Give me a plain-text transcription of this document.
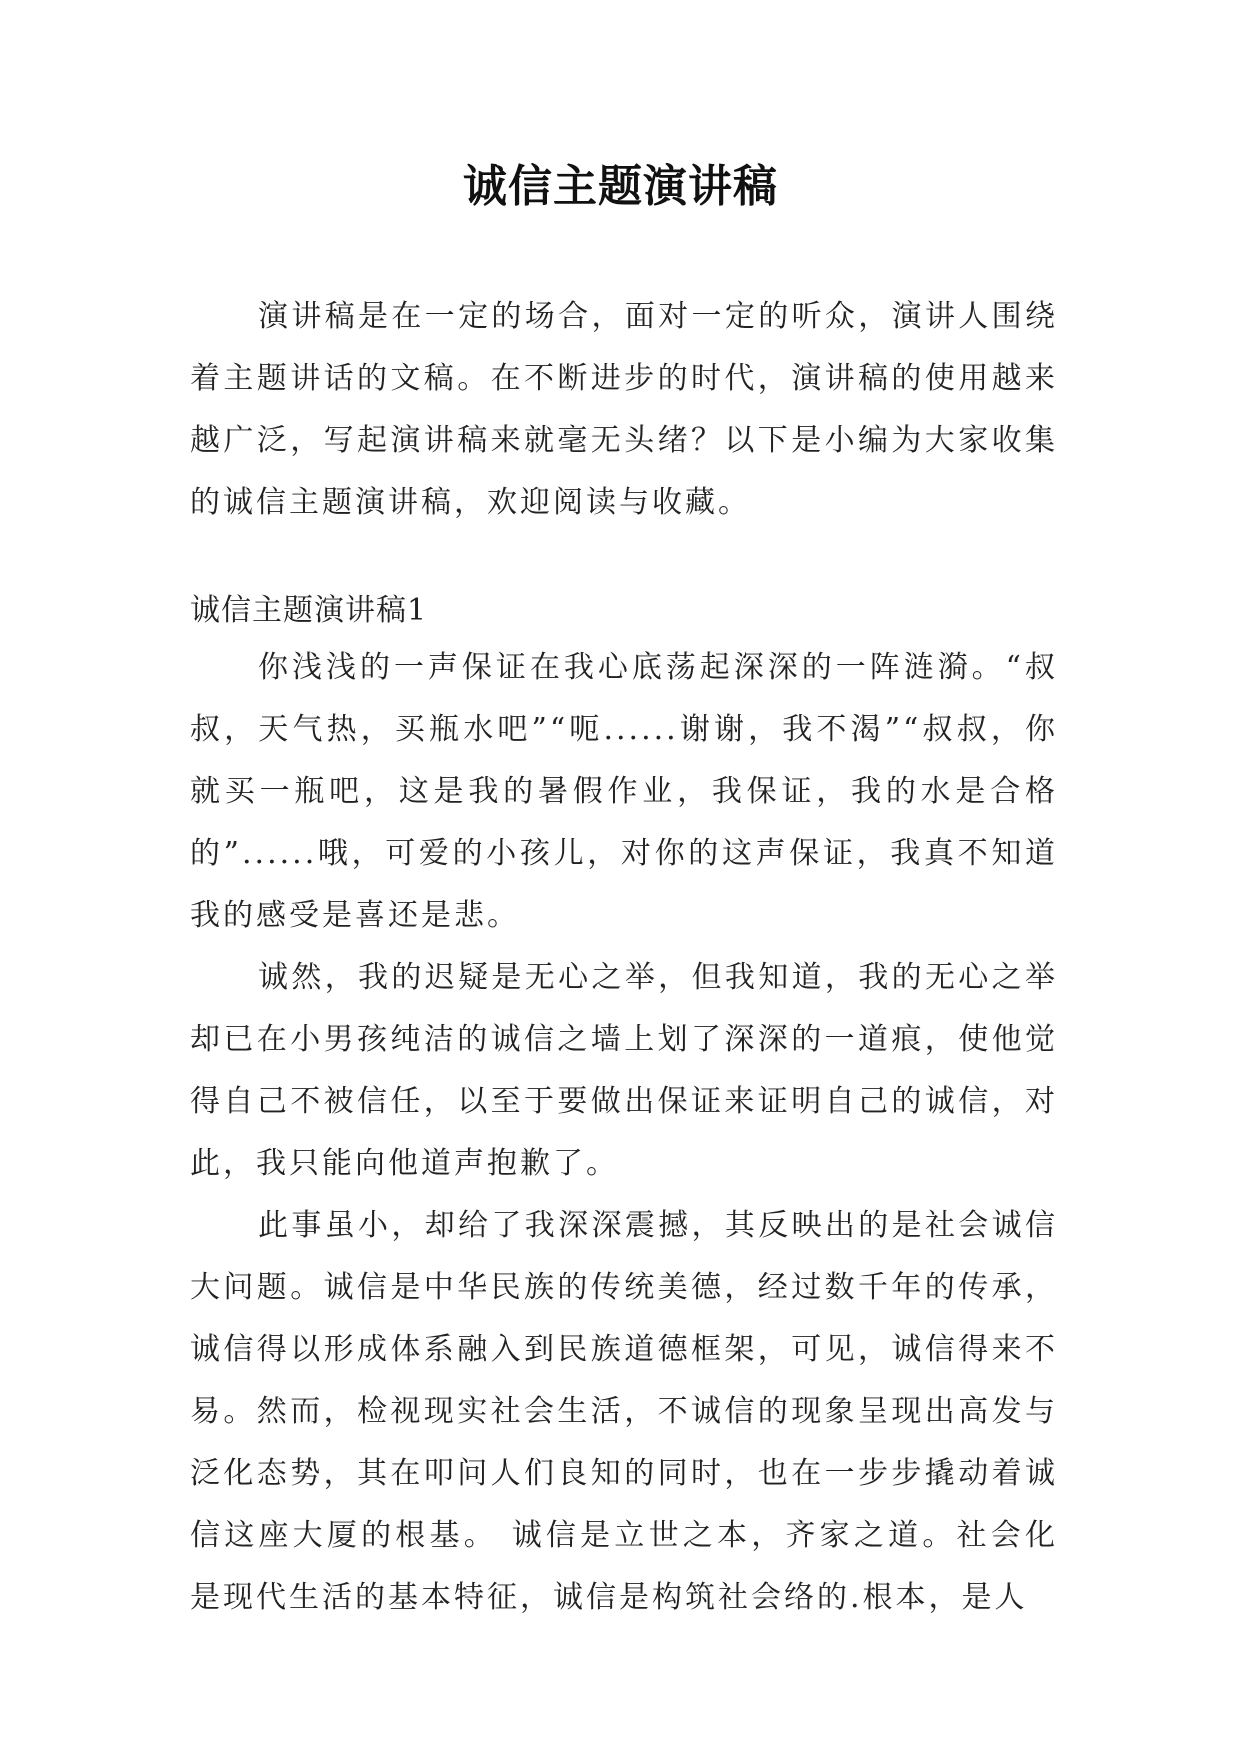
诚信主题演讲稿
演讲稿是在一定的场合，面对一定的听众，演讲人围绕着主题讲话的文稿。在不断进步的时代，演讲稿的使用越来越广泛，写起演讲稿来就毫无头绪？以下是小编为大家收集的诚信主题演讲稿，欢迎阅读与收藏。
诚信主题演讲稿1

你浅浅的一声保证在我心底荡起深深的一阵涟漪。“叔叔，天气热，买瓶水吧”“呃......谢谢，我不渴”“叔叔，你就买一瓶吧，这是我的暑假作业，我保证，我的水是合格的”......哦，可爱的小孩儿，对你的这声保证，我真不知道我的感受是喜还是悲。

诚然，我的迟疑是无心之举，但我知道，我的无心之举却已在小男孩纯洁的诚信之墙上划了深深的一道痕，使他觉得自己不被信任，以至于要做出保证来证明自己的诚信，对此，我只能向他道声抱歉了。

此事虽小，却给了我深深震撼，其反映出的是社会诚信大问题。诚信是中华民族的传统美德，经过数千年的传承，诚信得以形成体系融入到民族道德框架，可见，诚信得来不易。然而，检视现实社会生活，不诚信的现象呈现出高发与泛化态势，其在叩问人们良知的同时，也在一步步撬动着诚信这座大厦的根基。 诚信是立世之本，齐家之道。社会化是现代生活的基本特征，诚信是构筑社会络的.根本，是人
